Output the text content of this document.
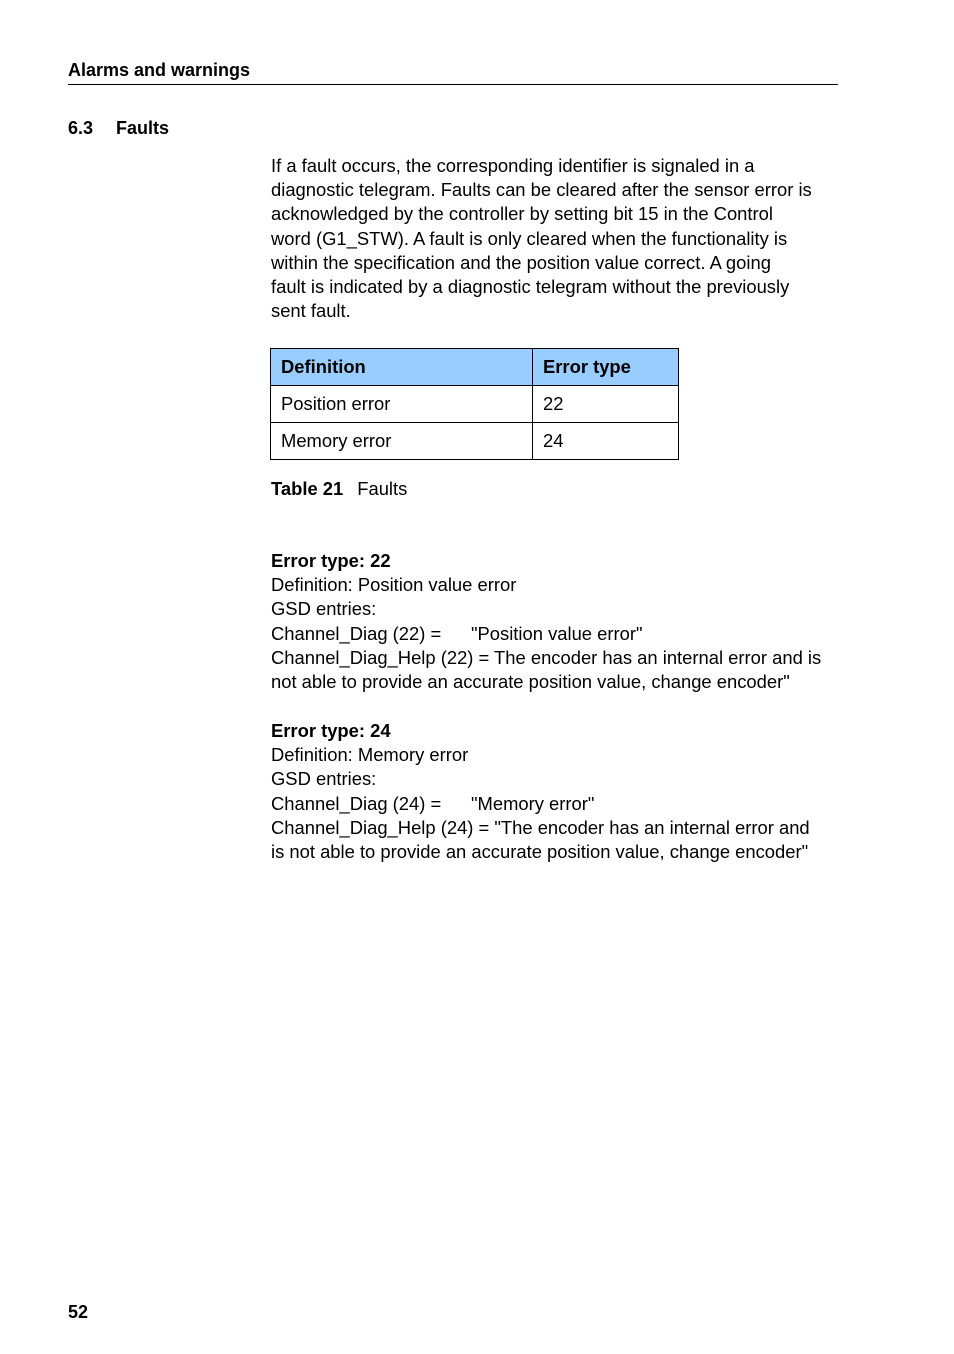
Alarms and warnings
6.3 Faults

If a fault occurs, the corresponding identifier is signaled in a
diagnostic telegram. Faults can be cleared after the sensor error is
acknowledged by the controller by setting bit 15 in the Control
word (G1_STW). A fault is only cleared when the functionality is
within the specification and the position value correct. A going
fault is indicated by a diagnostic telegram without the previously
sent fault.

Definition	Error type
Position error	22
Memory error	24
Table 21 Faults
Error type: 22
Definition: Position value error
GSD entries:
Channel_Diag (22) = "Position value error"
Channel_Diag_Help (22) = The encoder has an internal error and is
not able to provide an accurate position value, change encoder"
Error type: 24
Definition: Memory error
GSD entries:
Channel_Diag (24) = "Memory error"
Channel_Diag_Help (24) = "The encoder has an internal error and
is not able to provide an accurate position value, change encoder"
52
